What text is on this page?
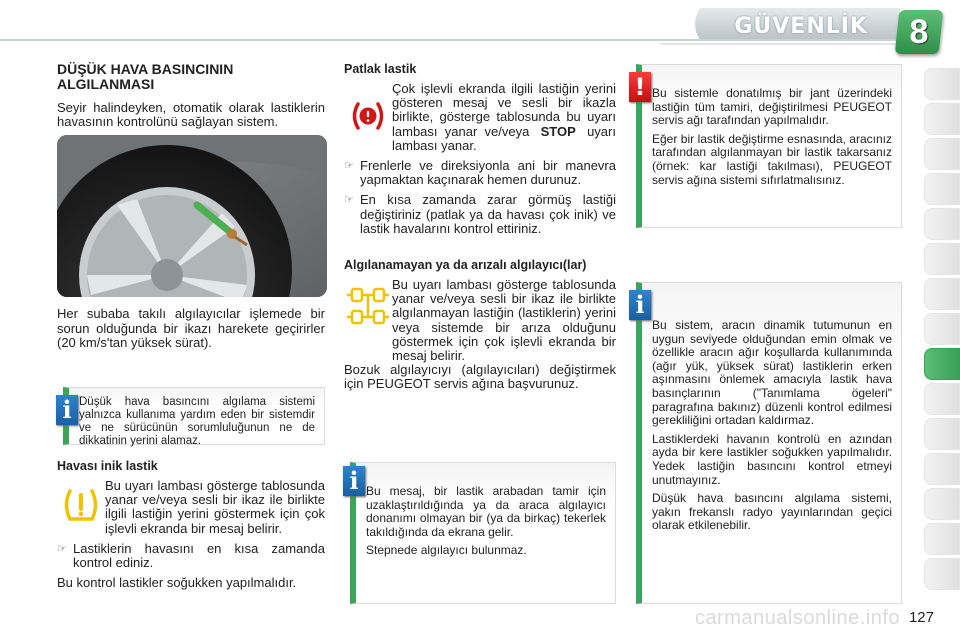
GÜVENLİK	8
DÜŞÜK HAVA BASINCININ ALGILANMASI

Seyir halindeyken, otomatik olarak lastiklerin havasının kontrolünü sağlayan sistem.

Her subaba takılı algılayıcılar işlemede bir sorun olduğunda bir ikazı harekete geçirirler (20 km/s'tan yüksek sürat).

Düşük hava basıncını algılama sistemi yalnızca kullanıma yardım eden bir sistemdir ve ne sürücünün sorumluluğunun ne de dikkatinin yerini alamaz.

i
Havası inik lastik
Bu uyarı lambası gösterge tablosunda yanar ve/veya sesli bir ikaz ile birlikte ilgili lastiğin yerini göstermek için çok işlevli ekranda bir mesaj belirir.
☞ Lastiklerin havasını en kısa zamanda kontrol ediniz.

Bu kontrol lastikler soğukken yapılmalıdır.

Patlak lastik
Çok işlevli ekranda ilgili lastiğin yerini gösteren mesaj ve sesli bir ikazla birlikte, gösterge tablosunda bu uyarı lambası yanar ve/veya STOP uyarı lambası yanar.
☞ Frenlerle ve direksiyonla ani bir manevra yapmaktan kaçınarak hemen durunuz.
☞ En kısa zamanda zarar görmüş lastiği değiştiriniz (patlak ya da havası çok inik) ve lastik havalarını kontrol ettiriniz.
Algılanamayan ya da arızalı algılayıcı(lar)
Bu uyarı lambası gösterge tablosunda yanar ve/veya sesli bir ikaz ile birlikte algılanmayan lastiğin (lastiklerin) yerini veya sistemde bir arıza olduğunu göstermek için çok işlevli ekranda bir mesaj belirir.

Bozuk algılayıcıyı (algılayıcıları) değiştirmek için PEUGEOT servis ağına başvurunuz.

Bu mesaj, bir lastik arabadan tamir için uzaklaştırıldığında ya da araca algılayıcı donanımı olmayan bir (ya da birkaç) tekerlek takıldığında da ekrana gelir.

Stepnede algılayıcı bulunmaz.

i

Bu sistemle donatılmış bir jant üzerindeki lastiğin tüm tamiri, değiştirilmesi PEUGEOT servis ağı tarafından yapılmalıdır.

Eğer bir lastik değiştirme esnasında, aracınız tarafından algılanmayan bir lastik takarsanız (örnek: kar lastiği takılması), PEUGEOT servis ağına sistemi sıfırlatmalısınız.

!

Bu sistem, aracın dinamik tutumunun en uygun seviyede olduğundan emin olmak ve özellikle aracın ağır koşullarda kullanımında (ağır yük, yüksek sürat) lastiklerin erken aşınmasını önlemek amacıyla lastik hava basınçlarının ("Tanımlama ögeleri" paragrafına bakınız) düzenli kontrol edilmesi gerekliliğini ortadan kaldırmaz.

Lastiklerdeki havanın kontrolü en azından ayda bir kere lastikler soğukken yapılmalıdır. Yedek lastiğin basıncını kontrol etmeyi unutmayınız.

Düşük hava basıncını algılama sistemi, yakın frekanslı radyo yayınlarından geçici olarak etkilenebilir.

i
carmanualsonline.info 127
